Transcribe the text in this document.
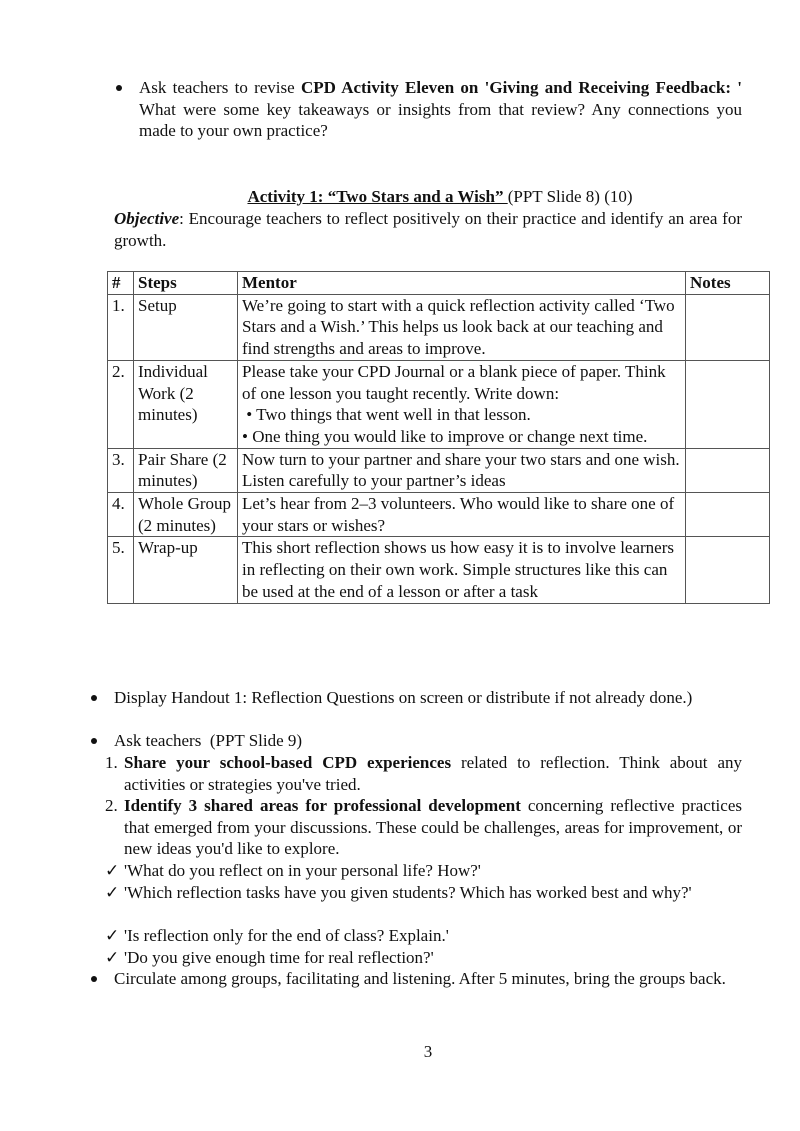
Ask teachers to revise CPD Activity Eleven on 'Giving and Receiving Feedback: ' What were some key takeaways or insights from that review? Any connections you made to your own practice?
Activity 1: “Two Stars and a Wish” (PPT Slide 8) (10)
Objective: Encourage teachers to reflect positively on their practice and identify an area for growth.
#	Steps	Mentor	Notes
1.	Setup	We’re going to start with a quick reflection activity called ‘Two Stars and a Wish.’ This helps us look back at our teaching and find strengths and areas to improve.	
2.	Individual Work (2 minutes)	Please take your CPD Journal or a blank piece of paper. Think of one lesson you taught recently. Write down:
• Two things that went well in that lesson.
• One thing you would like to improve or change next time.	

3.	Pair Share (2 minutes)	Now turn to your partner and share your two stars and one wish. Listen carefully to your partner’s ideas	
4.	Whole Group (2 minutes)	Let’s hear from 2–3 volunteers. Who would like to share one of your stars or wishes?	
5.	Wrap-up	This short reflection shows us how easy it is to involve learners in reflecting on their own work. Simple structures like this can be used at the end of a lesson or after a task	
Display Handout 1: Reflection Questions on screen or distribute if not already done.)
Ask teachers  (PPT Slide 9)
1. Share your school-based CPD experiences related to reflection. Think about any activities or strategies you've tried.
2. Identify 3 shared areas for professional development concerning reflective practices that emerged from your discussions. These could be challenges, areas for improvement, or new ideas you'd like to explore.
✓ 'What do you reflect on in your personal life? How?'
✓ 'Which reflection tasks have you given students? Which has worked best and why?'
✓ 'Is reflection only for the end of class? Explain.'
✓ 'Do you give enough time for real reflection?'
Circulate among groups, facilitating and listening. After 5 minutes, bring the groups back.
3
